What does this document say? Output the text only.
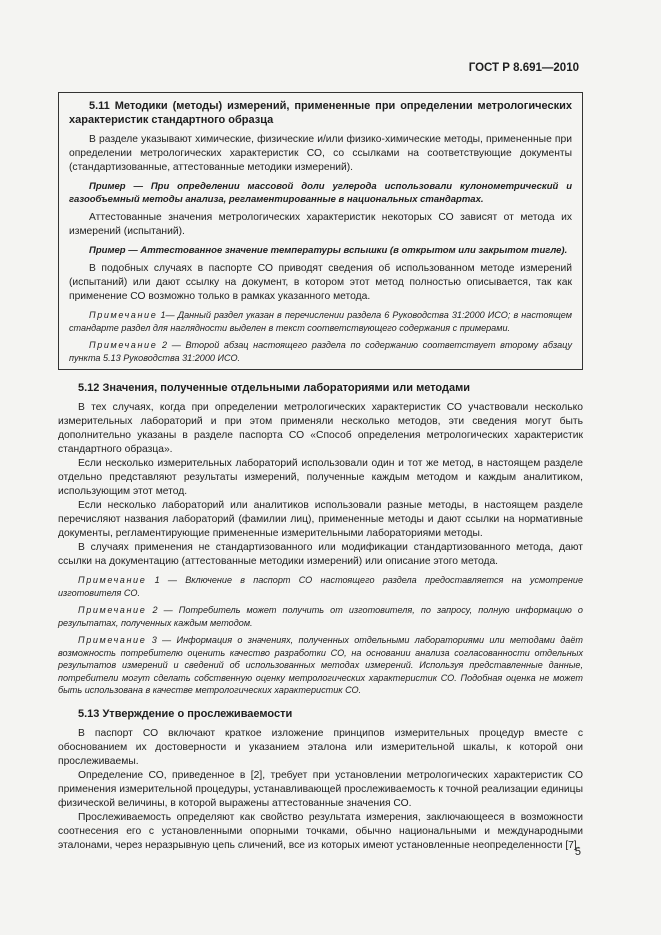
ГОСТ Р 8.691—2010

5.11 Методики (методы) измерений, примененные при определении метрологических характеристик стандартного образца

В разделе указывают химические, физические и/или физико-химические методы, примененные при определении метрологических характеристик СО, со ссылками на соответствующие документы (стандартизованные, аттестованные методики измерений).

Пример — При определении массовой доли углерода использовали кулонометрический и газообъемный методы анализа, регламентированные в национальных стандартах.

Аттестованные значения метрологических характеристик некоторых СО зависят от метода их измерений (испытаний).

Пример — Аттестованное значение температуры вспышки (в открытом или закрытом тигле).

В подобных случаях в паспорте СО приводят сведения об использованном методе измерений (испытаний) или дают ссылку на документ, в котором этот метод полностью описывается, так как применение СО возможно только в рамках указанного метода.

Примечание 1— Данный раздел указан в перечислении раздела 6 Руководства 31:2000 ИСО; в настоящем стандарте раздел для наглядности выделен в текст соответствующего содержания с примерами.

Примечание 2 — Второй абзац настоящего раздела по содержанию соответствует второму абзацу пункта 5.13 Руководства 31:2000 ИСО.

5.12 Значения, полученные отдельными лабораториями или методами

В тех случаях, когда при определении метрологических характеристик СО участвовали несколько измерительных лабораторий и при этом применяли несколько методов, эти сведения могут быть дополнительно указаны в разделе паспорта СО «Способ определения метрологических характеристик стандартного образца».

Если несколько измерительных лабораторий использовали один и тот же метод, в настоящем разделе отдельно представляют результаты измерений, полученные каждым методом и каждым аналитиком, использующим этот метод.

Если несколько лабораторий или аналитиков использовали разные методы, в настоящем разделе перечисляют названия лабораторий (фамилии лиц), примененные методы и дают ссылки на нормативные документы, регламентирующие примененные измерительными лабораториями методы.

В случаях применения не стандартизованного или модификации стандартизованного метода, дают ссылки на документацию (аттестованные методики измерений) или описание этого метода.

Примечание 1 — Включение в паспорт СО настоящего раздела предоставляется на усмотрение изготовителя СО.

Примечание 2 — Потребитель может получить от изготовителя, по запросу, полную информацию о результатах, полученных каждым методом.

Примечание 3 — Информация о значениях, полученных отдельными лабораториями или методами даёт возможность потребителю оценить качество разработки СО, на основании анализа согласованности отдельных результатов измерений и сведений об использованных методах измерений. Используя представленные данные, потребители могут сделать собственную оценку метрологических характеристик СО. Подобная оценка не может быть использована в качестве метрологических характеристик СО.

5.13 Утверждение о прослеживаемости

В паспорт СО включают краткое изложение принципов измерительных процедур вместе с обоснованием их достоверности и указанием эталона или измерительной шкалы, к которой они прослеживаемы.

Определение СО, приведенное в [2], требует при установлении метрологических характеристик СО применения измерительной процедуры, устанавливающей прослеживаемость к точной реализации единицы физической величины, в которой выражены аттестованные значения СО.

Прослеживаемость определяют как свойство результата измерения, заключающееся в возможности соотнесения его с установленными опорными точками, обычно национальными и международными эталонами, через неразрывную цепь сличений, все из которых имеют установленные неопределенности [7].

5
